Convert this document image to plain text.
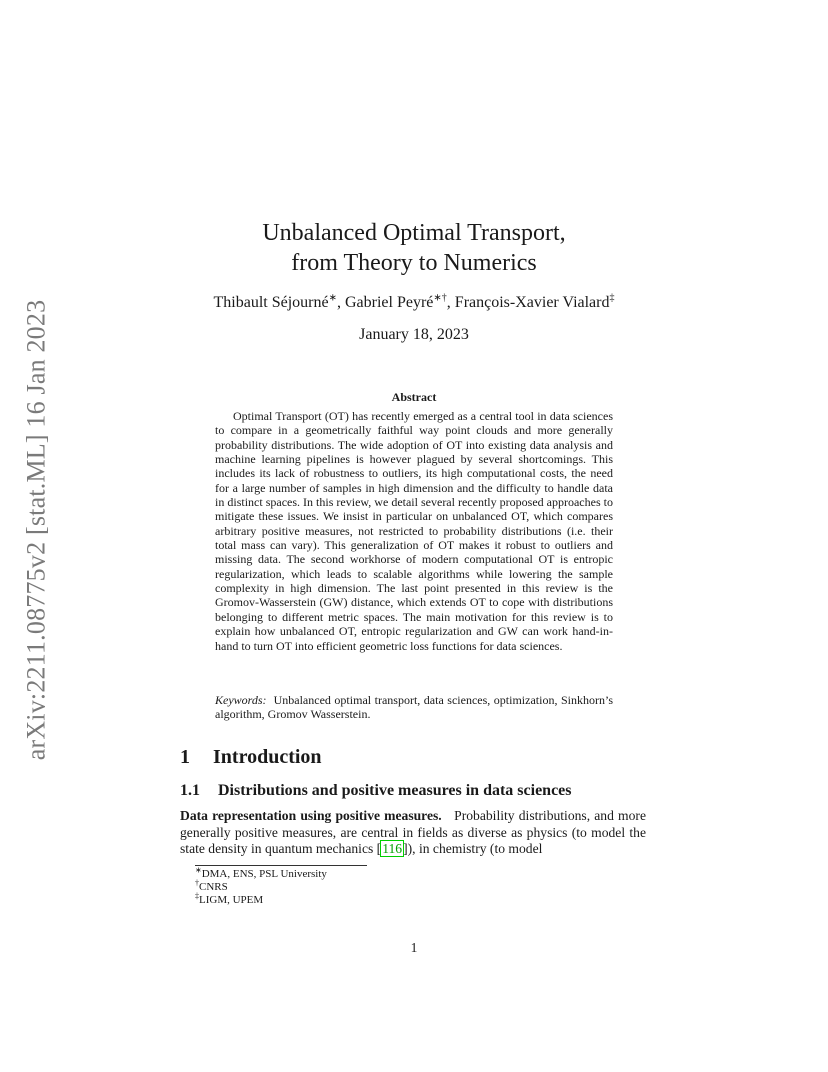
arXiv:2211.08775v2 [stat.ML] 16 Jan 2023
Unbalanced Optimal Transport,
from Theory to Numerics
Thibault Séjourné∗, Gabriel Peyré∗†, François-Xavier Vialard‡
January 18, 2023
Abstract

Optimal Transport (OT) has recently emerged as a central tool in data sciences to compare in a geometrically faithful way point clouds and more generally probability distributions. The wide adoption of OT into existing data analysis and machine learning pipelines is however plagued by several shortcomings. This includes its lack of robustness to outliers, its high computational costs, the need for a large number of samples in high dimension and the difficulty to handle data in distinct spaces. In this review, we detail several recently proposed approaches to mitigate these issues. We insist in particular on unbalanced OT, which compares arbitrary positive measures, not restricted to probability distributions (i.e. their total mass can vary). This generalization of OT makes it robust to outliers and missing data. The second workhorse of modern computational OT is entropic regularization, which leads to scalable algorithms while lowering the sample complexity in high dimension. The last point presented in this review is the Gromov-Wasserstein (GW) distance, which extends OT to cope with distributions belonging to different metric spaces. The main motivation for this review is to explain how unbalanced OT, entropic regularization and GW can work hand-in-hand to turn OT into efficient geometric loss functions for data sciences.

Keywords: Unbalanced optimal transport, data sciences, optimization, Sinkhorn’s algorithm, Gromov Wasserstein.

1 Introduction
1.1 Distributions and positive measures in data sciences

Data representation using positive measures. Probability distributions, and more generally positive measures, are central in fields as diverse as physics (to model the state density in quantum mechanics [116]), in chemistry (to model

∗DMA, ENS, PSL University
†CNRS
‡LIGM, UPEM
1
